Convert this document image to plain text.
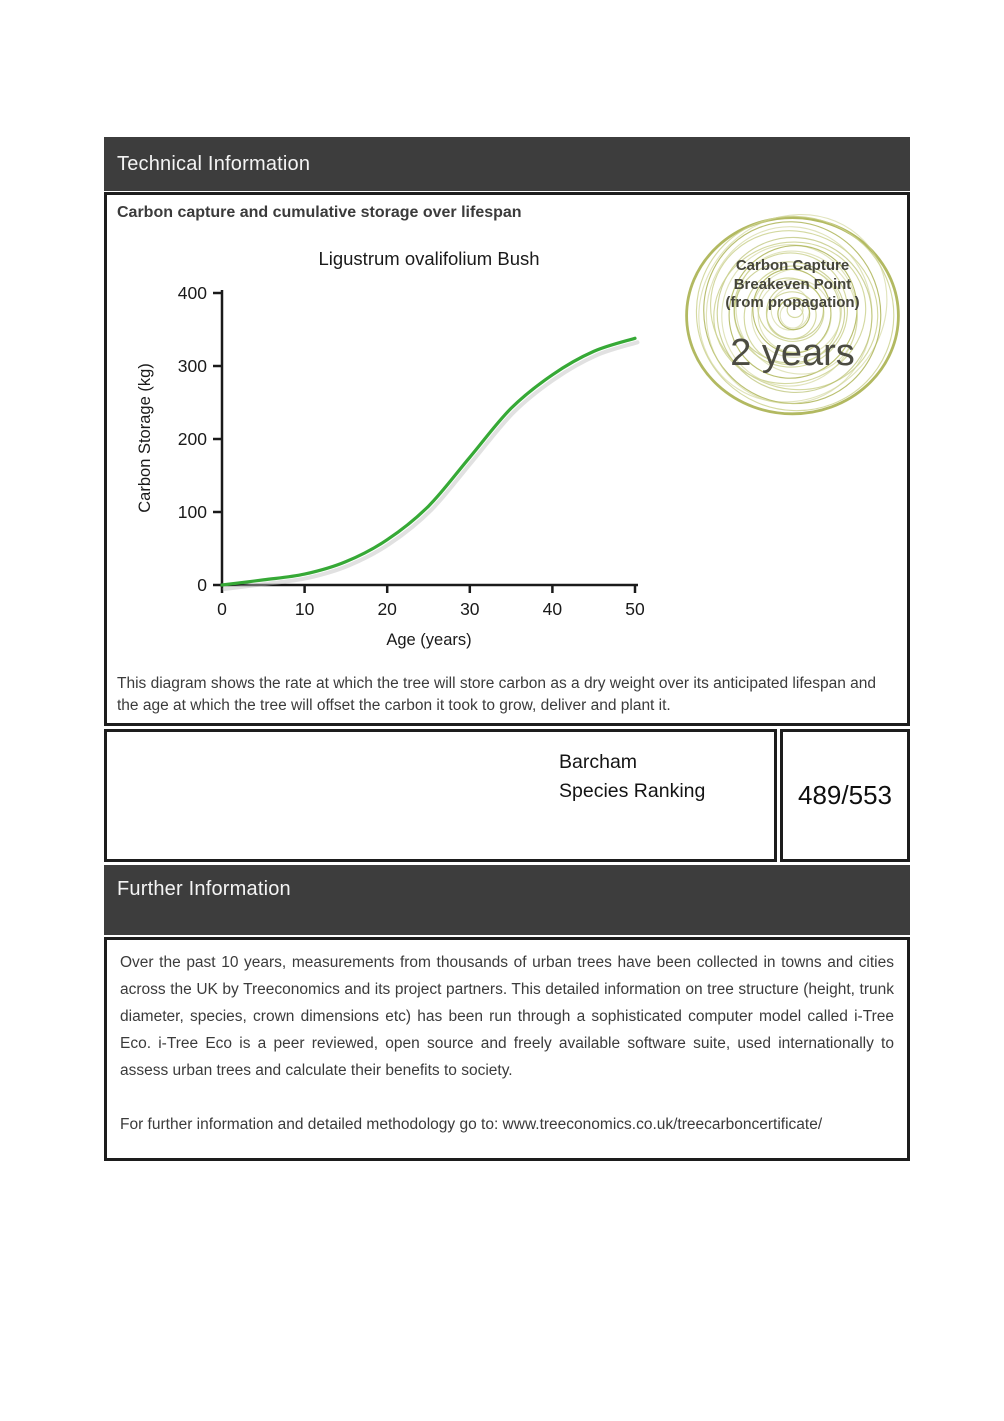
Technical Information
Carbon capture and cumulative storage over lifespan
0
100
200
300
400
0	10	20	30	40	50
Ligustrum ovalifolium Bush
Age (years)
Carbon Storage (kg)
Carbon Capture
Breakeven Point
(from propagation)
2 years
This diagram shows the rate at which the tree will store carbon as a dry weight over its anticipated lifespan and the age at which the tree will offset the carbon it took to grow, deliver and plant it.
Barcham
Species Ranking	489/553
Further Information

Over the past 10 years, measurements from thousands of urban trees have been collected in towns and cities across the UK by Treeconomics and its project partners. This detailed information on tree structure (height, trunk diameter, species, crown dimensions etc) has been run through a sophisticated computer model called i-Tree Eco. i-Tree Eco is a peer reviewed, open source and freely available software suite, used internationally to assess urban trees and calculate their benefits to society.

For further information and detailed methodology go to: www.treeconomics.co.uk/treecarboncertificate/
